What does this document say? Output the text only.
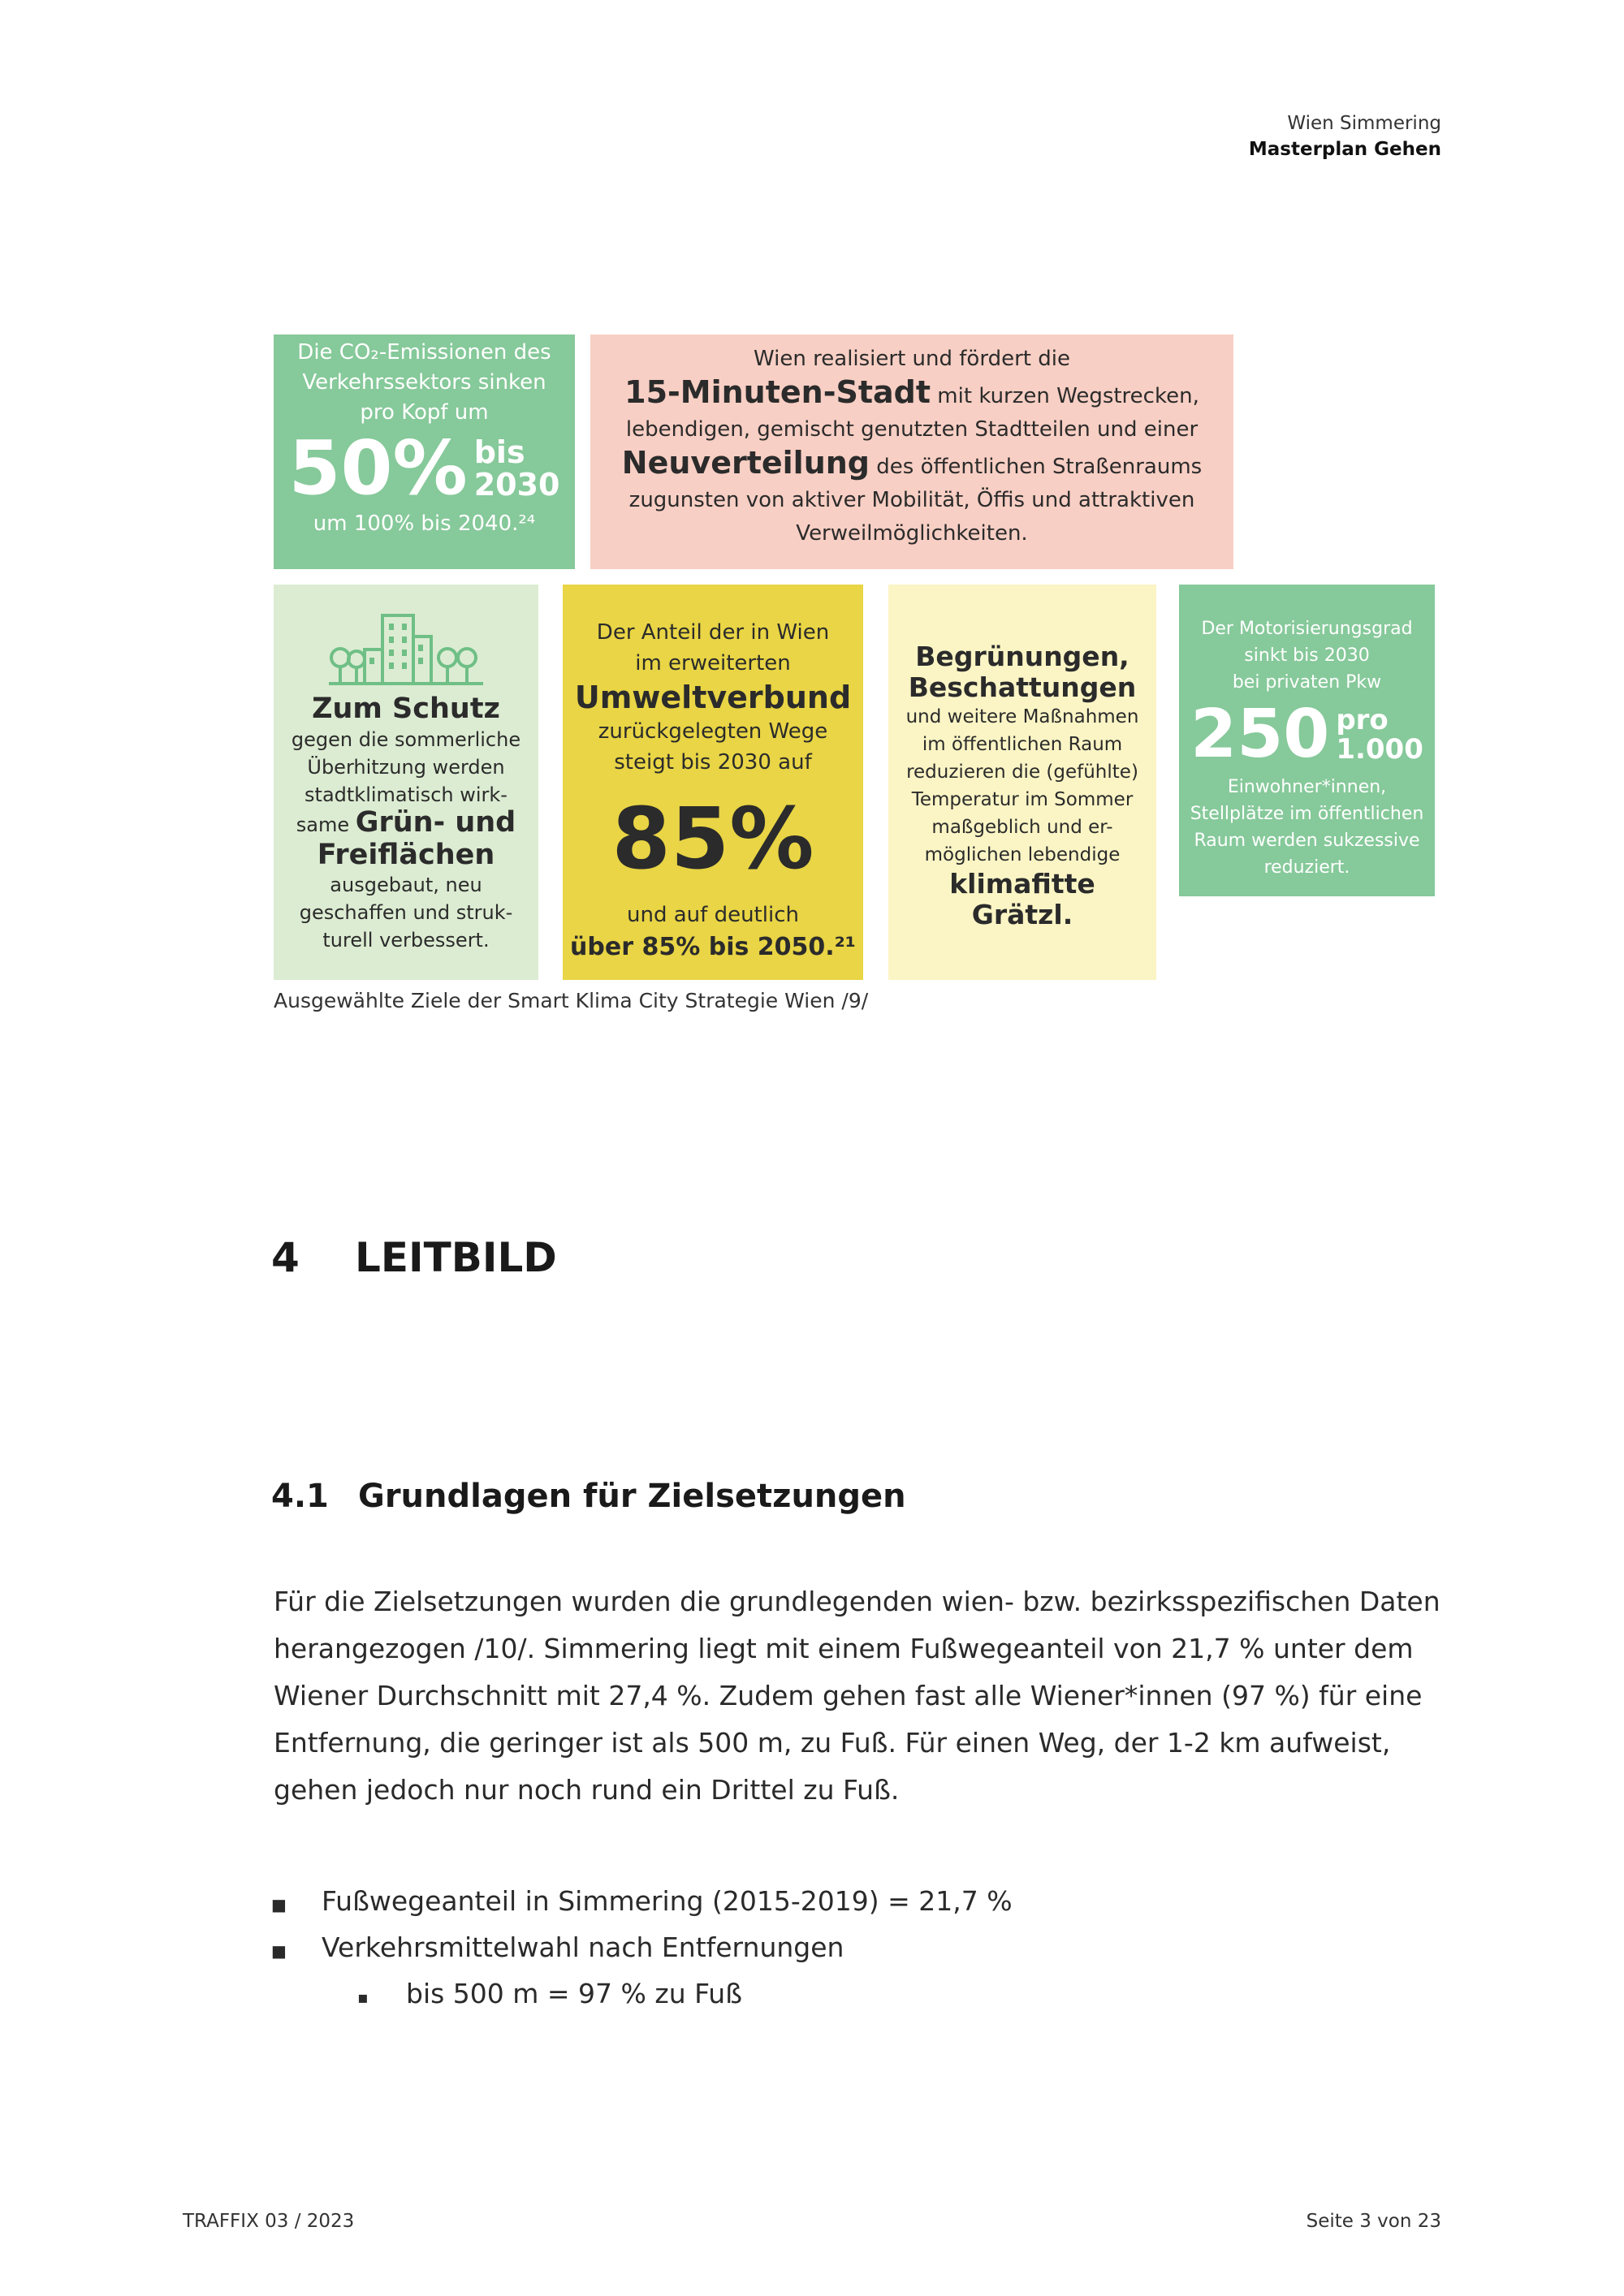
Wien Simmering
Masterplan Gehen
Die CO₂-Emissionen des
Verkehrssektors sinken
pro Kopf um
50% bis
2030
um 100% bis 2040.²⁴

Wien realisiert und fördert die

15-Minuten-Stadt mit kurzen Wegstrecken,

lebendigen, gemischt genutzten Stadtteilen und einer

Neuverteilung des öffentlichen Straßenraums

zugunsten von aktiver Mobilität, Öffis und attraktiven

Verweilmöglichkeiten.

Zum Schutz
gegen die sommerliche
Überhitzung werden
stadtklimatisch wirk-
same Grün- und
Freiflächen
ausgebaut, neu
geschaffen und struk-
turell verbessert.
Der Anteil der in Wien
im erweiterten
Umweltverbund
zurückgelegten Wege
steigt bis 2030 auf
85%
und auf deutlich
über 85% bis 2050.²¹
Begrünungen,
Beschattungen
und weitere Maßnahmen
im öffentlichen Raum
reduzieren die (gefühlte)
Temperatur im Sommer
maßgeblich und er-
möglichen lebendige
klimafitte
Grätzl.
Der Motorisierungsgrad
sinkt bis 2030
bei privaten Pkw
250 pro
1.000
Einwohner*innen,
Stellplätze im öffentlichen
Raum werden sukzessive
reduziert.
Ausgewählte Ziele der Smart Klima City Strategie Wien /9/
4 LEITBILD
4.1 Grundlagen für Zielsetzungen

Für die Zielsetzungen wurden die grundlegenden wien- bzw. bezirksspezifischen Daten herangezogen /10/. Simmering liegt mit einem Fußwegeanteil von 21,7 % unter dem Wiener Durchschnitt mit 27,4 %. Zudem gehen fast alle Wiener*innen (97 %) für eine Entfernung, die geringer ist als 500 m, zu Fuß. Für einen Weg, der 1-2 km aufweist, gehen jedoch nur noch rund ein Drittel zu Fuß.

■ Fußwegeanteil in Simmering (2015-2019) = 21,7 %
■ Verkehrsmittelwahl nach Entfernungen
▪ bis 500 m = 97 % zu Fuß
TRAFFIX 03 / 2023	Seite 3 von 23
